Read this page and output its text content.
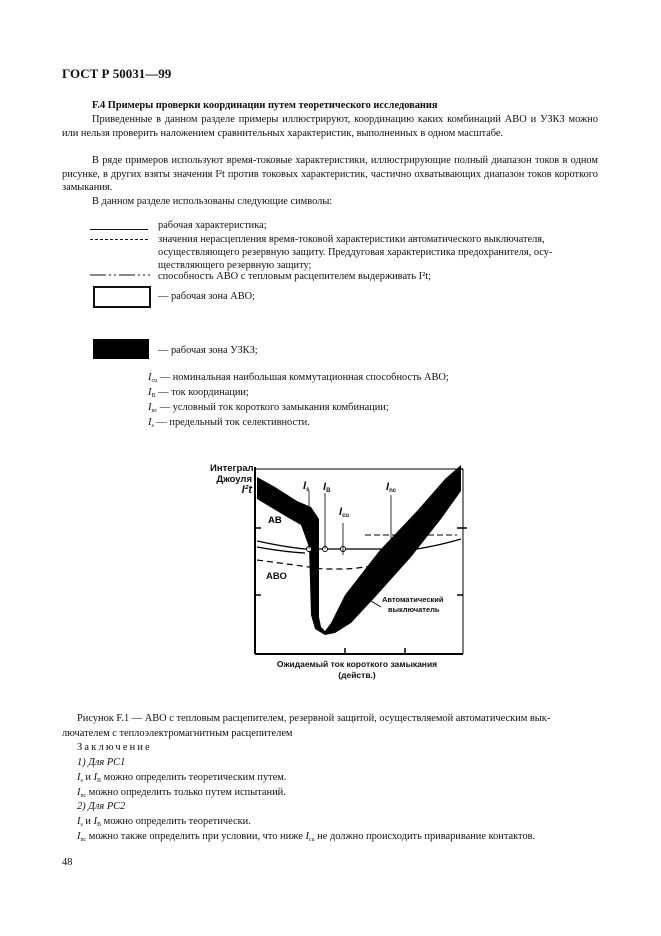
ГОСТ Р 50031—99
F.4 Примеры проверки координации путем теоретического исследования
Приведенные в данном разделе примеры иллюстрируют, координацию каких комбинаций АВО и УЗКЗ можно или нельзя проверить наложением сравнительных характеристик, выполненных в одном масштабе.
В ряде примеров используют время-токовые характеристики, иллюстрирующие полный диапазон токов в одном рисунке, в других взяты значения I²t против токовых характеристик, частично охватывающих диапазон токов короткого замыкания.
В данном разделе использованы следующие символы:
рабочая характеристика;
значения нерасцепления время-токовой характеристики автоматического выключателя,
осуществляющего резервную защиту. Преддуговая характеристика предохранителя, осу-
ществляющего резервную защиту;
способность АВО с тепловым расцепителем выдерживать I²t;
— рабочая зона АВО;
— рабочая зона УЗКЗ;
$I_{cu}$ — номинальная наибольшая коммутационная способность АВО;
$I_B$ — ток координации;
$I_{nc}$ — условный ток короткого замыкания комбинации;
$I_s$ — предельный ток селективности.
Интеграл
Джоуля
I²t	$I_s$ $I_B$
$I_{cu}$
$I_{nc}$
АВ
АВО
Автоматический
выключатель
Ожидаемый ток короткого замыкания
(действ.)
Рисунок F.1 — АВО с тепловым расцепителем, резервной защитой, осуществляемой автоматическим вык-
лючателем с теплоэлектромагнитным расцепителем
Заключение
1) Для PC1
$I_s$ и $I_B$ можно определить теоретическим путем.
$I_{nc}$ можно определить только путем испытаний.
2) Для PC2
$I_s$ и $I_B$ можно определить теоретически.
$I_{nc}$ можно также определить при условии, что ниже $I_{cu}$ не должно происходить приваривание контактов.
48
